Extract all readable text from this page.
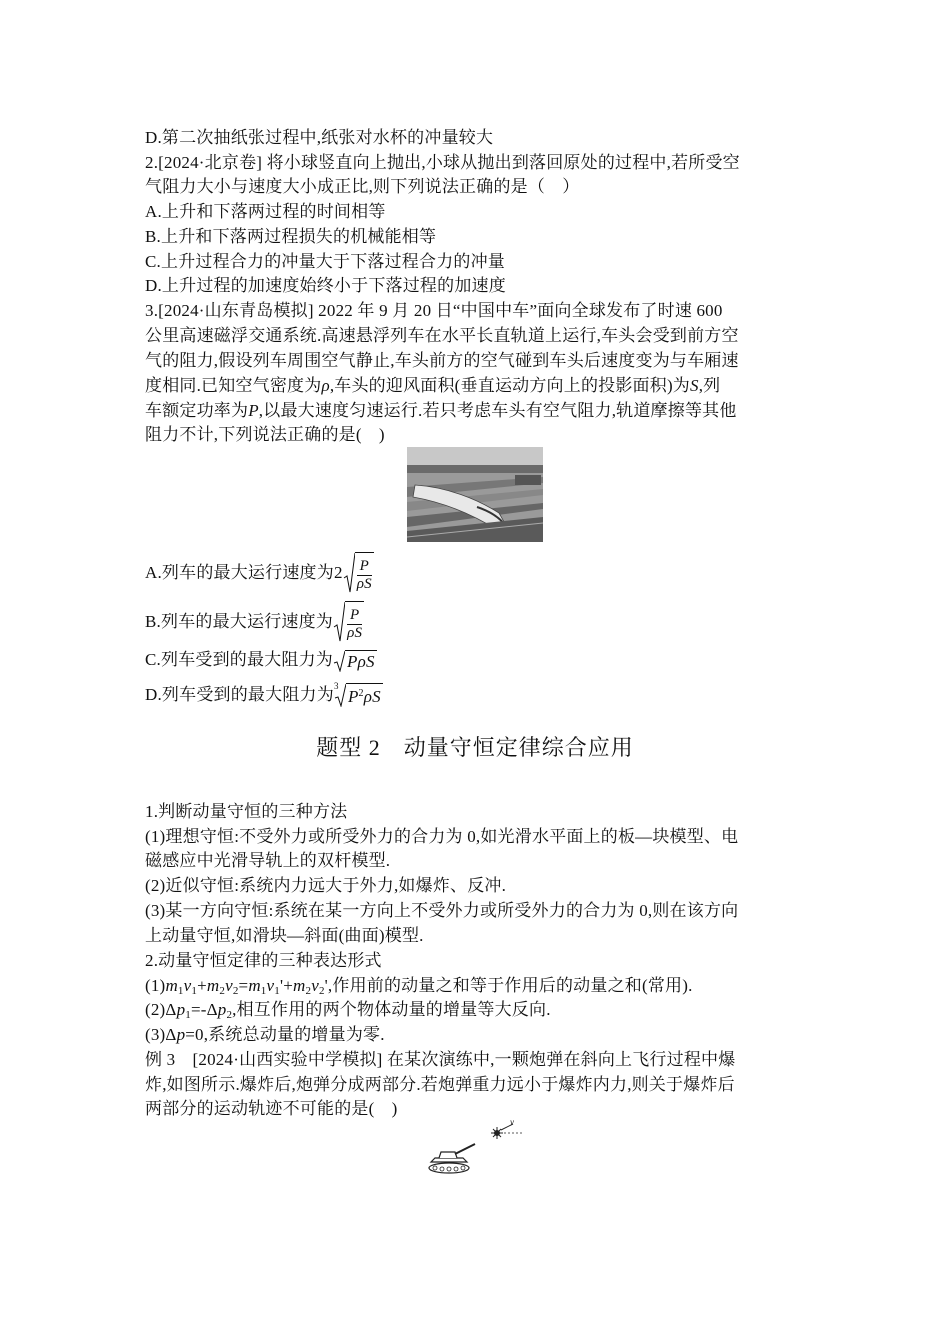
D.第二次抽纸张过程中,纸张对水杯的冲量较大
2.[2024·北京卷] 将小球竖直向上抛出,小球从抛出到落回原处的过程中,若所受空
气阻力大小与速度大小成正比,则下列说法正确的是（　）
A.上升和下落两过程的时间相等
B.上升和下落两过程损失的机械能相等
C.上升过程合力的冲量大于下落过程合力的冲量
D.上升过程的加速度始终小于下落过程的加速度
3.[2024·山东青岛模拟] 2022 年 9 月 20 日“中国中车”面向全球发布了时速 600
公里高速磁浮交通系统.高速悬浮列车在水平长直轨道上运行,车头会受到前方空
气的阻力,假设列车周围空气静止,车头前方的空气碰到车头后速度变为与车厢速
度相同.已知空气密度为ρ,车头的迎风面积(垂直运动方向上的投影面积)为S,列
车额定功率为P,以最大速度匀速运行.若只考虑车头有空气阻力,轨道摩擦等其他
阻力不计,下列说法正确的是(　)
A.列车的最大运行速度为$2 \frac{P}{\rho S}$
B.列车的最大运行速度为 $\frac{P}{\rho S}$
C.列车受到的最大阻力为 PρS
D.列车受到的最大阻力为 3
$P^2\rho S$
题型 2　动量守恒定律综合应用
1.判断动量守恒的三种方法
(1)理想守恒:不受外力或所受外力的合力为 0,如光滑水平面上的板—块模型、电
磁感应中光滑导轨上的双杆模型.
(2)近似守恒:系统内力远大于外力,如爆炸、反冲.
(3)某一方向守恒:系统在某一方向上不受外力或所受外力的合力为 0,则在该方向
上动量守恒,如滑块—斜面(曲面)模型.
2.动量守恒定律的三种表达形式
$(1)m_1v_1+m_2v_2=m_1v_1'+m_2v_2'$,作用前的动量之和等于作用后的动量之和(常用).
$(2)\Delta p_1=-\Delta p_2$,相互作用的两个物体动量的增量等大反向.
(3)Δp=0,系统总动量的增量为零.
例 3　[2024·山西实验中学模拟] 在某次演练中,一颗炮弹在斜向上飞行过程中爆
炸,如图所示.爆炸后,炮弹分成两部分.若炮弹重力远小于爆炸内力,则关于爆炸后
两部分的运动轨迹不可能的是(　)
v
